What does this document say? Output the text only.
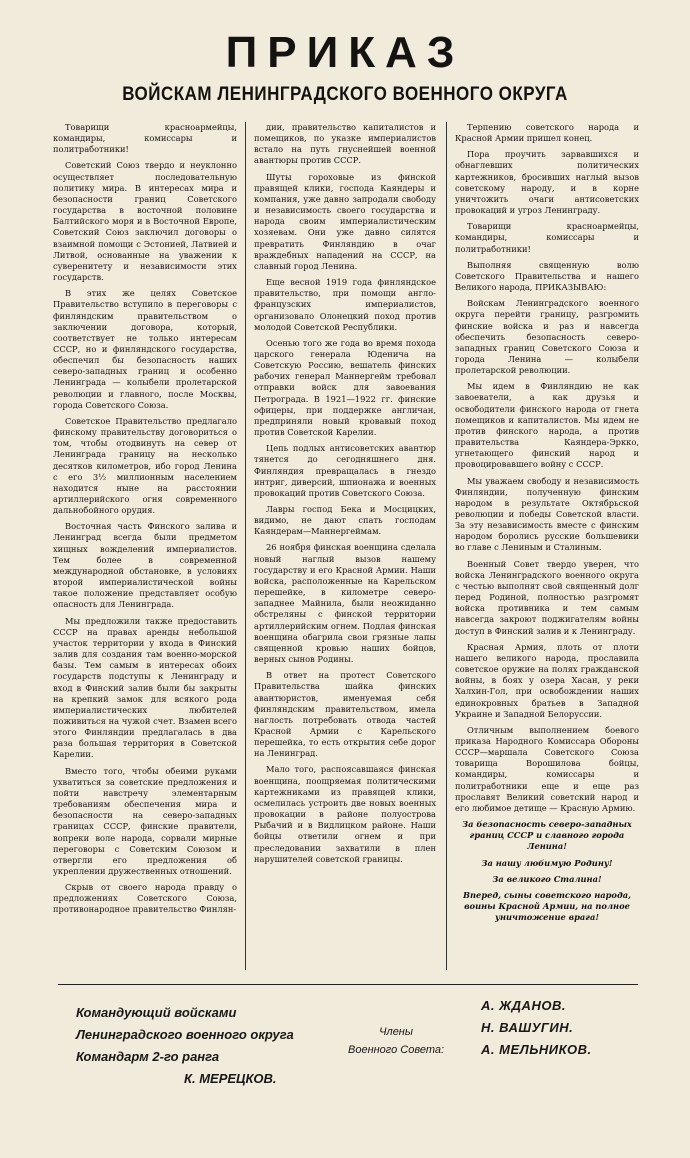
ПРИКАЗ
ВОЙСКАМ ЛЕНИНГРАДСКОГО ВОЕННОГО ОКРУГА

Товарищи красноармейцы, командиры, комиссары и политработники!

Советский Союз твердо и неуклонно осуществляет последовательную политику мира. В интересах мира и безопасности границ Советского государства в восточной половине Балтийского моря и в Восточной Европе, Советский Союз заключил договоры о взаимной помощи с Эстонией, Латвией и Литвой, основанные на уважении к суверенитету и независимости этих государств.

В этих же целях Советское Правительство вступило в переговоры с финляндским правительством о заключении договора, который, соответствует не только интересам СССР, но и финляндского государства, обеспечил бы безопасность наших северо-западных границ и особенно Ленинграда — колыбели пролетарской революции и главного, после Москвы, города Советского Союза.

Советское Правительство предлагало финскому правительству договориться о том, чтобы отодвинуть на север от Ленинграда границу на несколько десятков километров, ибо город Ленина с его 3½ миллионным населением находится ныне на расстоянии артиллерийского огня современного дальнобойного орудия.

Восточная часть Финского залива и Ленинград всегда были предметом хищных вожделений империалистов. Тем более в современной международной обстановке, в условиях второй империалистической войны такое положение представляет особую опасность для Ленинграда.

Мы предложили также предоставить СССР на правах аренды небольшой участок территории у входа в Финский залив для создания там военно-морской базы. Тем самым в интересах обоих государств подступы к Ленинграду и вход в Финский залив были бы закрыты на крепкий замок для всякого рода империалистических любителей поживиться на чужой счет. Взамен всего этого Финляндии предлагалась в два раза большая территория в Советской Карелии.

Вместо того, чтобы обеими руками ухватиться за советские предложения и пойти навстречу элементарным требованиям обеспечения мира и безопасности на северо-западных границах СССР, финские правители, вопреки воле народа, сорвали мирные переговоры с Советским Союзом и отвергли его предложения об укреплении дружественных отношений.

Скрыв от своего народа правду о предложениях Советского Союза, противонародное правительство Финлян-

дии, правительство капиталистов и помещиков, по указке империалистов встало на путь гнуснейшей военной авантюры против СССР.

Шуты гороховые из финской правящей клики, господа Каяндеры и компания, уже давно запродали свободу и независимость своего государства и народа своим империалистическим хозяевам. Они уже давно силятся превратить Финляндию в очаг враждебных нападений на СССР, на славный город Ленина.

Еще весной 1919 года финляндское правительство, при помощи англо-французских империалистов, организовало Олонецкий поход против молодой Советской Республики.

Осенью того же года во время похода царского генерала Юденича на Советскую Россию, вешатель финских рабочих генерал Маннергейм требовал отправки войск для завоевания Петрограда. В 1921—1922 гг. финские офицеры, при поддержке англичан, предприняли новый кровавый поход против Советской Карелии.

Цепь подлых антисоветских авантюр тянется до сегодняшнего дня. Финляндия превращалась в гнездо интриг, диверсий, шпионажа и военных провокаций против Советского Союза.

Лавры господ Бека и Мосцицких, видимо, не дают спать господам Каяндерам—Маннергеймам.

26 ноября финская военщина сделала новый наглый вызов нашему государству и его Красной Армии. Наши войска, расположенные на Карельском перешейке, в километре северо-западнее Майнила, были неожиданно обстреляны с финской территории артиллерийским огнем. Подлая финская военщина обагрила свои грязные лапы священной кровью наших бойцов, верных сынов Родины.

В ответ на протест Советского Правительства шайка финских авантюристов, именуемая себя финляндским правительством, имела наглость потребовать отвода частей Красной Армии с Карельского перешейка, то есть открытия себе дорог на Ленинград.

Мало того, распоясавшаяся финская военщина, поощряемая политическими картежниками из правящей клики, осмелилась устроить две новых военных провокации в районе полуострова Рыбачий и в Видлицком районе. Наши бойцы ответили огнем и при преследовании захватили в плен нарушителей советской границы.

Терпению советского народа и Красной Армии пришел конец.

Пора проучить зарвавшихся и обнаглевших политических картежников, бросивших наглый вызов советскому народу, и в корне уничтожить очаги антисоветских провокаций и угроз Ленинграду.

Товарищи красноармейцы, командиры, комиссары и политработники!

Выполняя священную волю Советского Правительства и нашего Великого народа, ПРИКАЗЫВАЮ:

Войскам Ленинградского военного округа перейти границу, разгромить финские войска и раз и навсегда обеспечить безопасность северо-западных границ Советского Союза и города Ленина — колыбели пролетарской революции.

Мы идем в Финляндию не как завоеватели, а как друзья и освободители финского народа от гнета помещиков и капиталистов. Мы идем не против финского народа, а против правительства Каяндера-Эркко, угнетающего финский народ и провоцировавшего войну с СССР.

Мы уважаем свободу и независимость Финляндии, полученную финским народом в результате Октябрьской революции и победы Советской власти. За эту независимость вместе с финским народом боролись русские большевики во главе с Лениным и Сталиным.

Военный Совет твердо уверен, что войска Ленинградского военного округа с честью выполнят свой священный долг перед Родиной, полностью разгромят войска противника и тем самым навсегда закроют поджигателям войны доступ в Финский залив и к Ленинграду.

Красная Армия, плоть от плоти нашего великого народа, прославила советское оружие на полях гражданской войны, в боях у озера Хасан, у реки Халхин-Гол, при освобождении наших единокровных братьев в Западной Украине и Западной Белоруссии.

Отличным выполнением боевого приказа Народного Комиссара Обороны СССР—маршала Советского Союза товарища Ворошилова бойцы, командиры, комиссары и политработники еще и еще раз прославят Великий советский народ и его любимое детище — Красную Армию.

За безопасность северо-западных границ СССР и славного города Ленина!

За нашу любимую Родину!

За великого Сталина!

Вперед, сыны советского народа, воины Красной Армии, на полное уничтожение врага!

Командующий войсками
Ленинградского военного округа
Командарм 2-го ранга
К. МЕРЕЦКОВ.
Члены
Военного Совета:
А. ЖДАНОВ.
Н. ВАШУГИН.
А. МЕЛЬНИКОВ.
